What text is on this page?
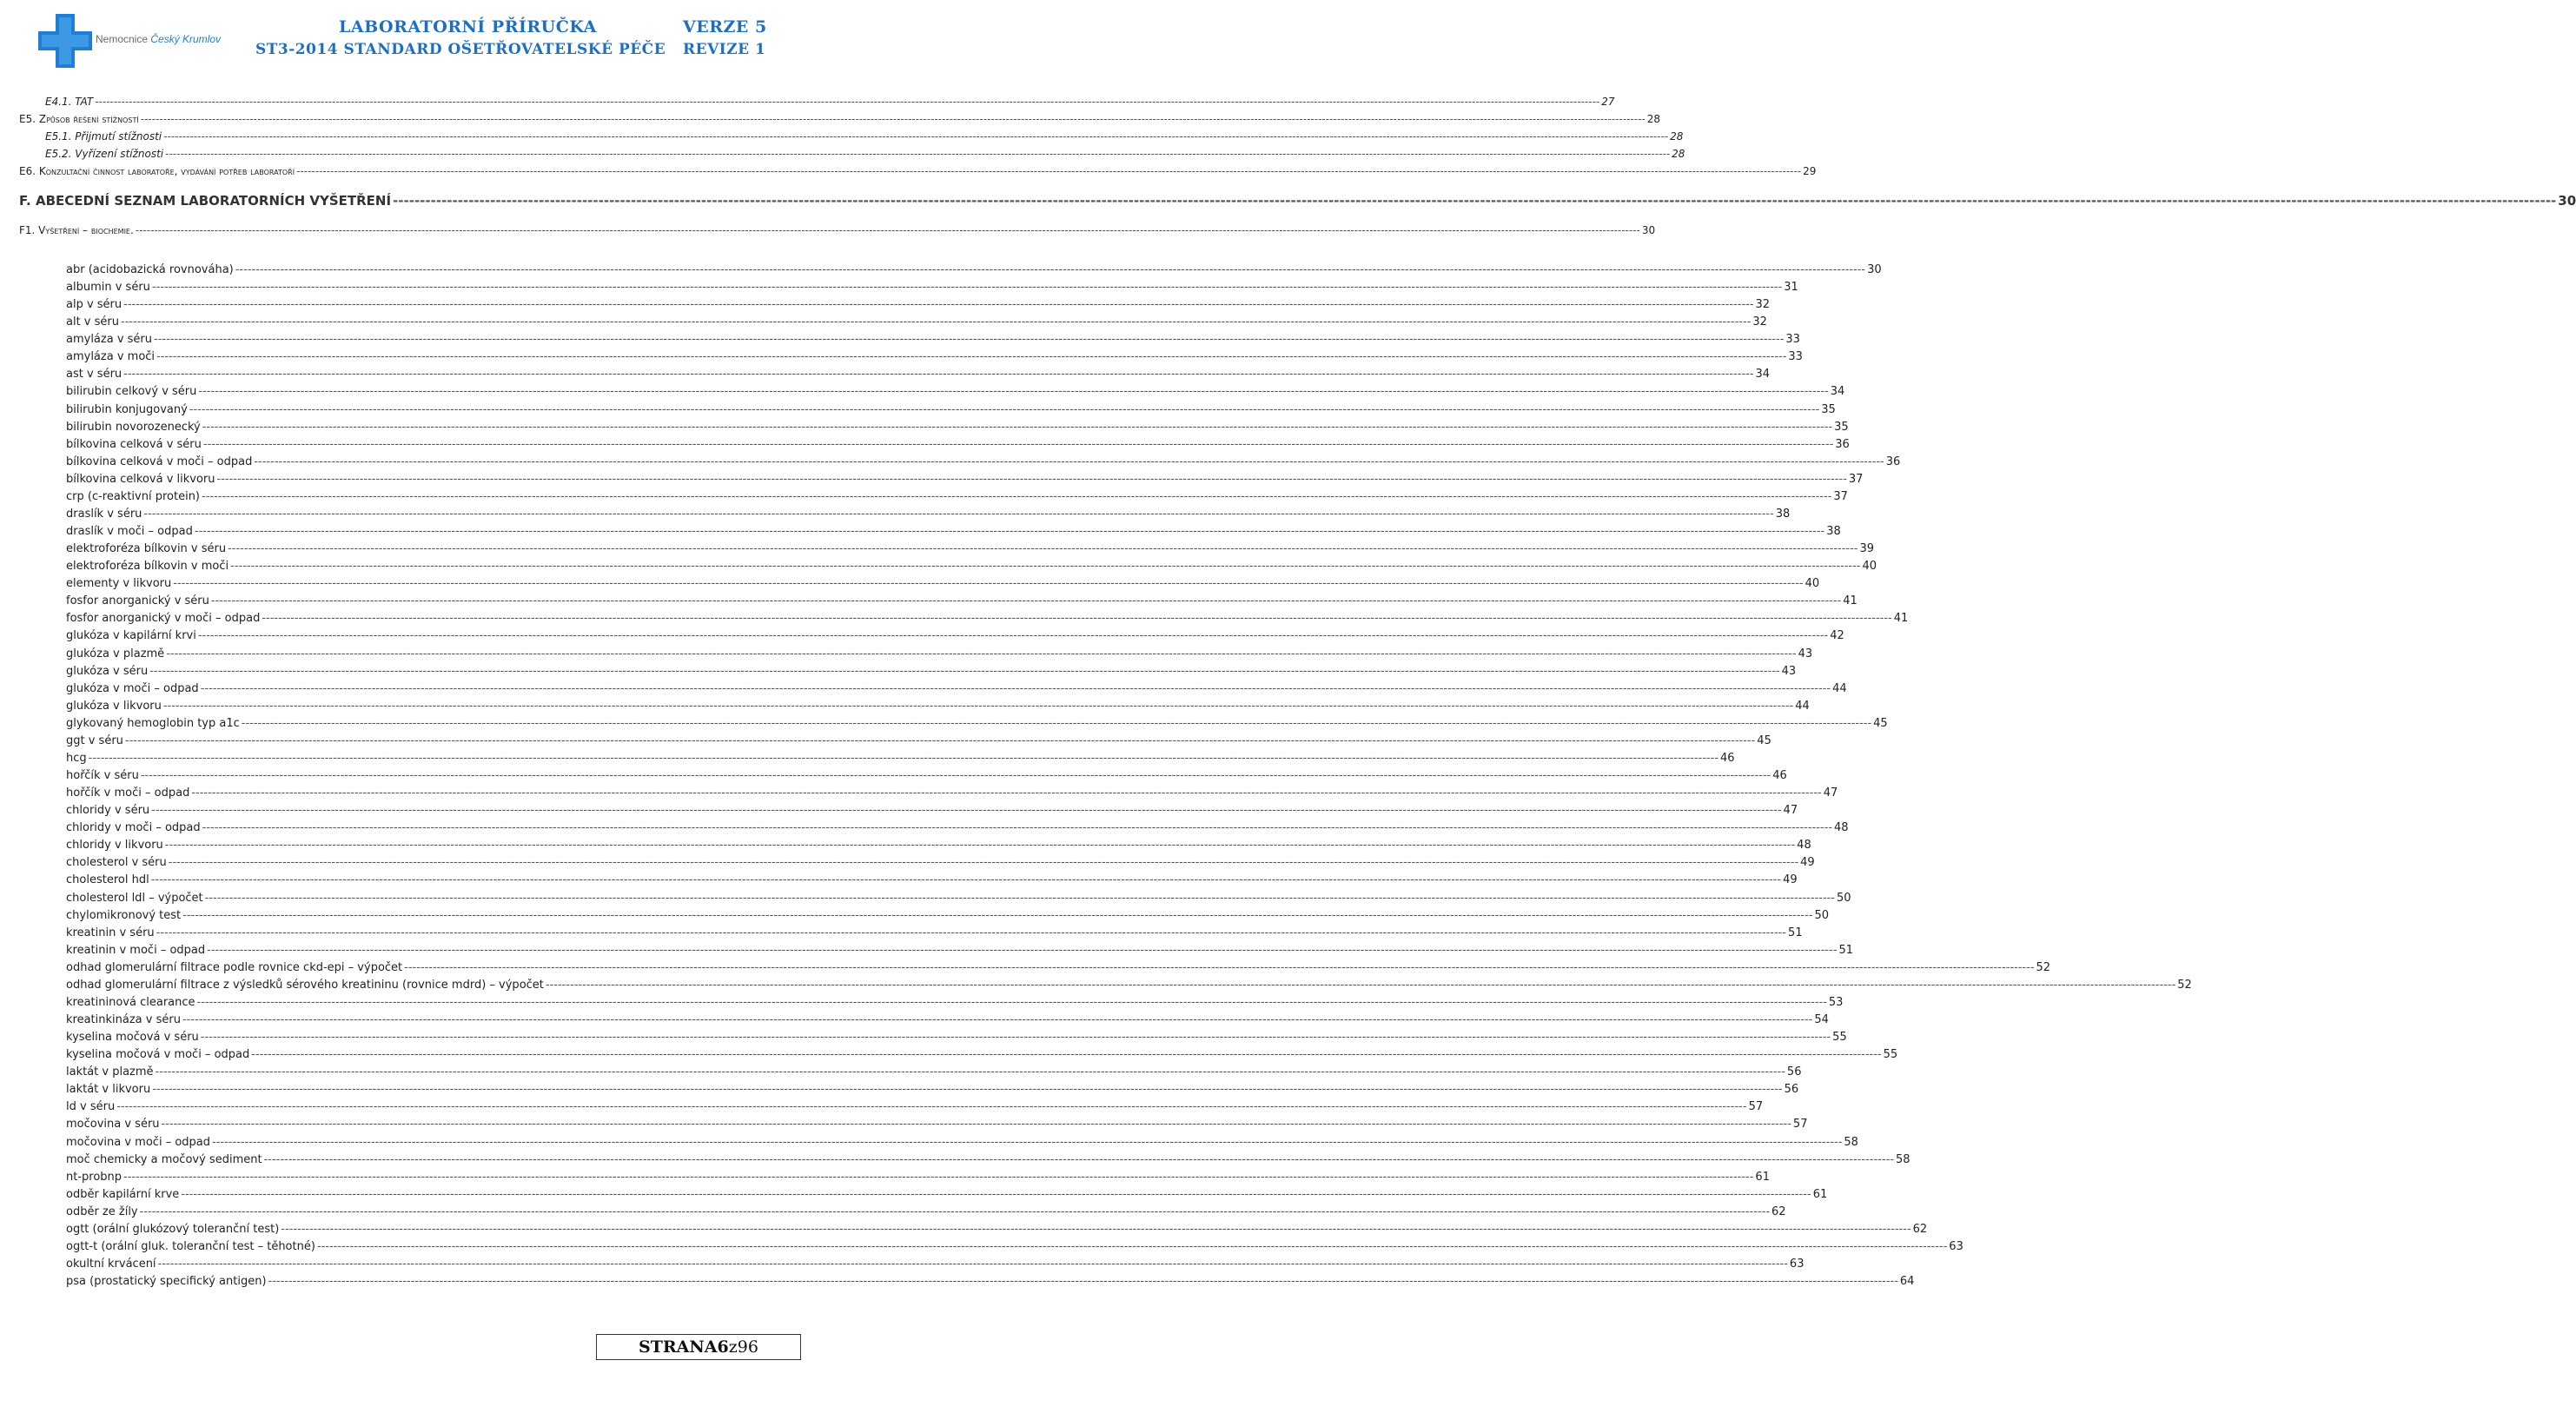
Nemocnice Český Krumlov
LABORATORNÍ PŘÍRUČKA
ST3-2014 STANDARD OŠETŘOVATELSKÉ PÉČE
VERZE 5
REVIZE 1
E4.1. TAT ---------------------------------------------------------------------------------------------------------------------------------------------------------------------------------------------------------------------------------------------------------------------------------------------------------------------------------------------------------------------------------------------------------------- 27
E5. Způsob řešení stížností ---------------------------------------------------------------------------------------------------------------------------------------------------------------------------------------------------------------------------------------------------------------------------------------------------------------------------------------------------------------------------------------------------------------- 28
E5.1. Přijmutí stížnosti ---------------------------------------------------------------------------------------------------------------------------------------------------------------------------------------------------------------------------------------------------------------------------------------------------------------------------------------------------------------------------------------------------------------- 28
E5.2. Vyřízení stížnosti ---------------------------------------------------------------------------------------------------------------------------------------------------------------------------------------------------------------------------------------------------------------------------------------------------------------------------------------------------------------------------------------------------------------- 28
E6. Konzultační činnost laboratoře, vydávání potřeb laboratoří ---------------------------------------------------------------------------------------------------------------------------------------------------------------------------------------------------------------------------------------------------------------------------------------------------------------------------------------------------------------------------------------------------------------- 29
F. ABECEDNÍ SEZNAM LABORATORNÍCH VYŠETŘENÍ ---------------------------------------------------------------------------------------------------------------------------------------------------------------------------------------------------------------------------------------------------------------------------------------------------------------------------------------------------------------------------------------------------------------- 30
F1. Vyšetření – biochemie. ---------------------------------------------------------------------------------------------------------------------------------------------------------------------------------------------------------------------------------------------------------------------------------------------------------------------------------------------------------------------------------------------------------------- 30
abr (acidobazická rovnováha) ---------------------------------------------------------------------------------------------------------------------------------------------------------------------------------------------------------------------------------------------------------------------------------------------------------------------------------------------------------------------------------------------------------------- 30
albumin v séru ---------------------------------------------------------------------------------------------------------------------------------------------------------------------------------------------------------------------------------------------------------------------------------------------------------------------------------------------------------------------------------------------------------------- 31
alp v séru ---------------------------------------------------------------------------------------------------------------------------------------------------------------------------------------------------------------------------------------------------------------------------------------------------------------------------------------------------------------------------------------------------------------- 32
alt v séru ---------------------------------------------------------------------------------------------------------------------------------------------------------------------------------------------------------------------------------------------------------------------------------------------------------------------------------------------------------------------------------------------------------------- 32
amyláza v séru ---------------------------------------------------------------------------------------------------------------------------------------------------------------------------------------------------------------------------------------------------------------------------------------------------------------------------------------------------------------------------------------------------------------- 33
amyláza v moči ---------------------------------------------------------------------------------------------------------------------------------------------------------------------------------------------------------------------------------------------------------------------------------------------------------------------------------------------------------------------------------------------------------------- 33
ast v séru ---------------------------------------------------------------------------------------------------------------------------------------------------------------------------------------------------------------------------------------------------------------------------------------------------------------------------------------------------------------------------------------------------------------- 34
bilirubin celkový v séru ---------------------------------------------------------------------------------------------------------------------------------------------------------------------------------------------------------------------------------------------------------------------------------------------------------------------------------------------------------------------------------------------------------------- 34
bilirubin konjugovaný ---------------------------------------------------------------------------------------------------------------------------------------------------------------------------------------------------------------------------------------------------------------------------------------------------------------------------------------------------------------------------------------------------------------- 35
bilirubin novorozenecký ---------------------------------------------------------------------------------------------------------------------------------------------------------------------------------------------------------------------------------------------------------------------------------------------------------------------------------------------------------------------------------------------------------------- 35
bílkovina celková v séru ---------------------------------------------------------------------------------------------------------------------------------------------------------------------------------------------------------------------------------------------------------------------------------------------------------------------------------------------------------------------------------------------------------------- 36
bílkovina celková v moči – odpad ---------------------------------------------------------------------------------------------------------------------------------------------------------------------------------------------------------------------------------------------------------------------------------------------------------------------------------------------------------------------------------------------------------------- 36
bílkovina celková v likvoru ---------------------------------------------------------------------------------------------------------------------------------------------------------------------------------------------------------------------------------------------------------------------------------------------------------------------------------------------------------------------------------------------------------------- 37
crp (c-reaktivní protein) ---------------------------------------------------------------------------------------------------------------------------------------------------------------------------------------------------------------------------------------------------------------------------------------------------------------------------------------------------------------------------------------------------------------- 37
draslík v séru ---------------------------------------------------------------------------------------------------------------------------------------------------------------------------------------------------------------------------------------------------------------------------------------------------------------------------------------------------------------------------------------------------------------- 38
draslík v moči – odpad ---------------------------------------------------------------------------------------------------------------------------------------------------------------------------------------------------------------------------------------------------------------------------------------------------------------------------------------------------------------------------------------------------------------- 38
elektroforéza bílkovin v séru ---------------------------------------------------------------------------------------------------------------------------------------------------------------------------------------------------------------------------------------------------------------------------------------------------------------------------------------------------------------------------------------------------------------- 39
elektroforéza bílkovin v moči ---------------------------------------------------------------------------------------------------------------------------------------------------------------------------------------------------------------------------------------------------------------------------------------------------------------------------------------------------------------------------------------------------------------- 40
elementy v likvoru ---------------------------------------------------------------------------------------------------------------------------------------------------------------------------------------------------------------------------------------------------------------------------------------------------------------------------------------------------------------------------------------------------------------- 40
fosfor anorganický v séru ---------------------------------------------------------------------------------------------------------------------------------------------------------------------------------------------------------------------------------------------------------------------------------------------------------------------------------------------------------------------------------------------------------------- 41
fosfor anorganický v moči – odpad ---------------------------------------------------------------------------------------------------------------------------------------------------------------------------------------------------------------------------------------------------------------------------------------------------------------------------------------------------------------------------------------------------------------- 41
glukóza v kapilární krvi ---------------------------------------------------------------------------------------------------------------------------------------------------------------------------------------------------------------------------------------------------------------------------------------------------------------------------------------------------------------------------------------------------------------- 42
glukóza v plazmě ---------------------------------------------------------------------------------------------------------------------------------------------------------------------------------------------------------------------------------------------------------------------------------------------------------------------------------------------------------------------------------------------------------------- 43
glukóza v séru ---------------------------------------------------------------------------------------------------------------------------------------------------------------------------------------------------------------------------------------------------------------------------------------------------------------------------------------------------------------------------------------------------------------- 43
glukóza v moči – odpad ---------------------------------------------------------------------------------------------------------------------------------------------------------------------------------------------------------------------------------------------------------------------------------------------------------------------------------------------------------------------------------------------------------------- 44
glukóza v likvoru ---------------------------------------------------------------------------------------------------------------------------------------------------------------------------------------------------------------------------------------------------------------------------------------------------------------------------------------------------------------------------------------------------------------- 44
glykovaný hemoglobin typ a1c ---------------------------------------------------------------------------------------------------------------------------------------------------------------------------------------------------------------------------------------------------------------------------------------------------------------------------------------------------------------------------------------------------------------- 45
ggt v séru ---------------------------------------------------------------------------------------------------------------------------------------------------------------------------------------------------------------------------------------------------------------------------------------------------------------------------------------------------------------------------------------------------------------- 45
hcg ---------------------------------------------------------------------------------------------------------------------------------------------------------------------------------------------------------------------------------------------------------------------------------------------------------------------------------------------------------------------------------------------------------------- 46
hořčík v séru ---------------------------------------------------------------------------------------------------------------------------------------------------------------------------------------------------------------------------------------------------------------------------------------------------------------------------------------------------------------------------------------------------------------- 46
hořčík v moči – odpad ---------------------------------------------------------------------------------------------------------------------------------------------------------------------------------------------------------------------------------------------------------------------------------------------------------------------------------------------------------------------------------------------------------------- 47
chloridy v séru ---------------------------------------------------------------------------------------------------------------------------------------------------------------------------------------------------------------------------------------------------------------------------------------------------------------------------------------------------------------------------------------------------------------- 47
chloridy v moči – odpad ---------------------------------------------------------------------------------------------------------------------------------------------------------------------------------------------------------------------------------------------------------------------------------------------------------------------------------------------------------------------------------------------------------------- 48
chloridy v likvoru ---------------------------------------------------------------------------------------------------------------------------------------------------------------------------------------------------------------------------------------------------------------------------------------------------------------------------------------------------------------------------------------------------------------- 48
cholesterol v séru ---------------------------------------------------------------------------------------------------------------------------------------------------------------------------------------------------------------------------------------------------------------------------------------------------------------------------------------------------------------------------------------------------------------- 49
cholesterol hdl ---------------------------------------------------------------------------------------------------------------------------------------------------------------------------------------------------------------------------------------------------------------------------------------------------------------------------------------------------------------------------------------------------------------- 49
cholesterol ldl – výpočet ---------------------------------------------------------------------------------------------------------------------------------------------------------------------------------------------------------------------------------------------------------------------------------------------------------------------------------------------------------------------------------------------------------------- 50
chylomikronový test ---------------------------------------------------------------------------------------------------------------------------------------------------------------------------------------------------------------------------------------------------------------------------------------------------------------------------------------------------------------------------------------------------------------- 50
kreatinin v séru ---------------------------------------------------------------------------------------------------------------------------------------------------------------------------------------------------------------------------------------------------------------------------------------------------------------------------------------------------------------------------------------------------------------- 51
kreatinin v moči – odpad ---------------------------------------------------------------------------------------------------------------------------------------------------------------------------------------------------------------------------------------------------------------------------------------------------------------------------------------------------------------------------------------------------------------- 51
odhad glomerulární filtrace podle rovnice ckd-epi – výpočet ---------------------------------------------------------------------------------------------------------------------------------------------------------------------------------------------------------------------------------------------------------------------------------------------------------------------------------------------------------------------------------------------------------------- 52
odhad glomerulární filtrace z výsledků sérového kreatininu (rovnice mdrd) – výpočet ---------------------------------------------------------------------------------------------------------------------------------------------------------------------------------------------------------------------------------------------------------------------------------------------------------------------------------------------------------------------------------------------------------------- 52
kreatininová clearance ---------------------------------------------------------------------------------------------------------------------------------------------------------------------------------------------------------------------------------------------------------------------------------------------------------------------------------------------------------------------------------------------------------------- 53
kreatinkináza v séru ---------------------------------------------------------------------------------------------------------------------------------------------------------------------------------------------------------------------------------------------------------------------------------------------------------------------------------------------------------------------------------------------------------------- 54
kyselina močová v séru ---------------------------------------------------------------------------------------------------------------------------------------------------------------------------------------------------------------------------------------------------------------------------------------------------------------------------------------------------------------------------------------------------------------- 55
kyselina močová v moči – odpad ---------------------------------------------------------------------------------------------------------------------------------------------------------------------------------------------------------------------------------------------------------------------------------------------------------------------------------------------------------------------------------------------------------------- 55
laktát v plazmě ---------------------------------------------------------------------------------------------------------------------------------------------------------------------------------------------------------------------------------------------------------------------------------------------------------------------------------------------------------------------------------------------------------------- 56
laktát v likvoru ---------------------------------------------------------------------------------------------------------------------------------------------------------------------------------------------------------------------------------------------------------------------------------------------------------------------------------------------------------------------------------------------------------------- 56
ld v séru ---------------------------------------------------------------------------------------------------------------------------------------------------------------------------------------------------------------------------------------------------------------------------------------------------------------------------------------------------------------------------------------------------------------- 57
močovina v séru ---------------------------------------------------------------------------------------------------------------------------------------------------------------------------------------------------------------------------------------------------------------------------------------------------------------------------------------------------------------------------------------------------------------- 57
močovina v moči – odpad ---------------------------------------------------------------------------------------------------------------------------------------------------------------------------------------------------------------------------------------------------------------------------------------------------------------------------------------------------------------------------------------------------------------- 58
moč chemicky a močový sediment ---------------------------------------------------------------------------------------------------------------------------------------------------------------------------------------------------------------------------------------------------------------------------------------------------------------------------------------------------------------------------------------------------------------- 58
nt-probnp ---------------------------------------------------------------------------------------------------------------------------------------------------------------------------------------------------------------------------------------------------------------------------------------------------------------------------------------------------------------------------------------------------------------- 61
odběr kapilární krve ---------------------------------------------------------------------------------------------------------------------------------------------------------------------------------------------------------------------------------------------------------------------------------------------------------------------------------------------------------------------------------------------------------------- 61
odběr ze žíly ---------------------------------------------------------------------------------------------------------------------------------------------------------------------------------------------------------------------------------------------------------------------------------------------------------------------------------------------------------------------------------------------------------------- 62
ogtt (orální glukózový toleranční test) ---------------------------------------------------------------------------------------------------------------------------------------------------------------------------------------------------------------------------------------------------------------------------------------------------------------------------------------------------------------------------------------------------------------- 62
ogtt-t (orální gluk. toleranční test – těhotné) ---------------------------------------------------------------------------------------------------------------------------------------------------------------------------------------------------------------------------------------------------------------------------------------------------------------------------------------------------------------------------------------------------------------- 63
okultní krvácení ---------------------------------------------------------------------------------------------------------------------------------------------------------------------------------------------------------------------------------------------------------------------------------------------------------------------------------------------------------------------------------------------------------------- 63
psa (prostatický specifický antigen) ---------------------------------------------------------------------------------------------------------------------------------------------------------------------------------------------------------------------------------------------------------------------------------------------------------------------------------------------------------------------------------------------------------------- 64
STRANA 6 z 96
